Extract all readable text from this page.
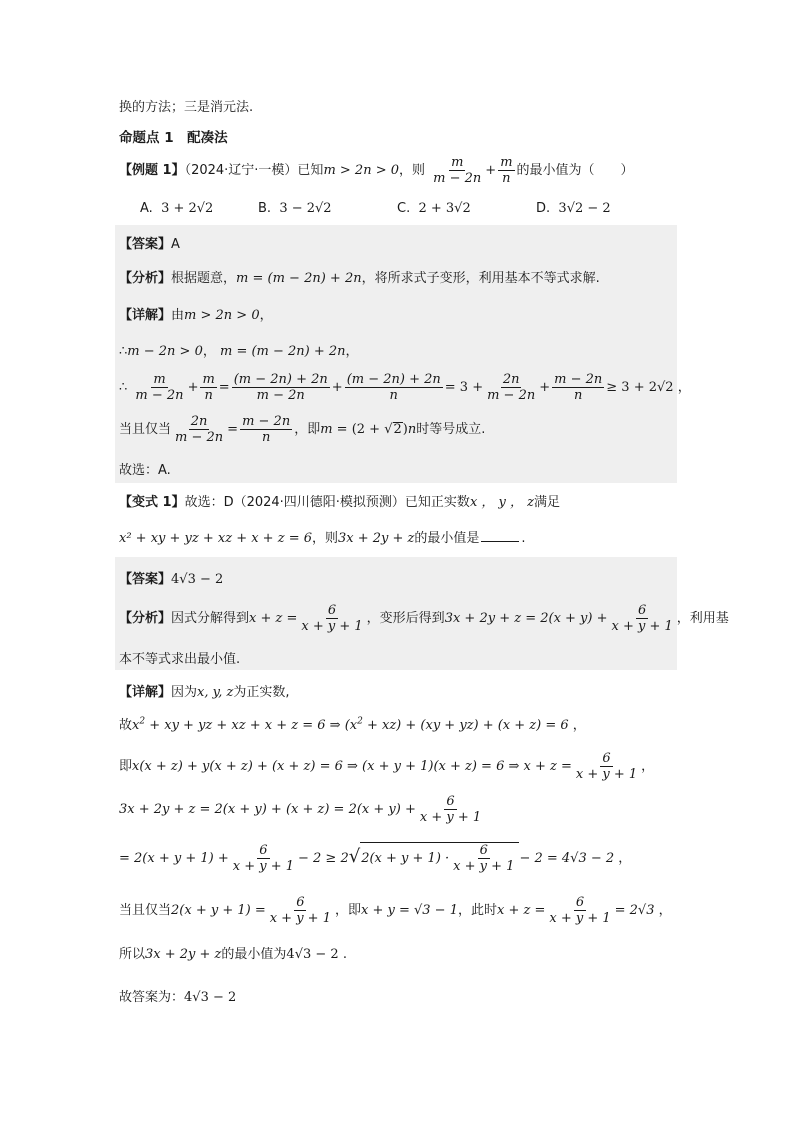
换的方法；三是消元法.
命题点 1　配凑法
【例题 1】（2024·辽宁·一模）已知m > 2n > 0，则 $\frac{m}{m - 2n} + \frac{m}{n}$ 的最小值为（　　）
A. 3 + 2√2	B. 3 − 2√2	C. 2 + 3√2	D. 3√2 − 2
【答案】A
【分析】根据题意，m = (m − 2n) + 2n，将所求式子变形，利用基本不等式求解.
【详解】由m > 2n > 0，
∴m − 2n > 0， m = (m − 2n) + 2n，
∴ $\frac{m}{m - 2n} + \frac{m}{n} = \frac{(m - 2n) + 2n}{m - 2n} + \frac{(m - 2n) + 2n}{n} = 3 + \frac{2n}{m - 2n} + \frac{m - 2n}{n} \ge 3 + 2√2$ ，
当且仅当 $\frac{2n}{m - 2n} = \frac{m - 2n}{n}$ ，即m = (2 + √2)n时等号成立.
故选：A.
【变式 1】故选：D（2024·四川德阳·模拟预测）已知正实数x ， y ， z满足
x² + xy + yz + xz + x + z = 6，则3x + 2y + z的最小值是	.
【答案】4√3 − 2
【分析】因式分解得到$x + z = \frac{6}{x + y + 1}$ ，变形后得到$3x + 2y + z = 2(x + y) + \frac{6}{x + y + 1}$ ，利用基
本不等式求出最小值.
【详解】因为x, y, z为正实数,
故$x^2$ + xy + yz + xz + x + z = 6 ⇒ $(x^2 + xz) + (xy + yz) + (x + z) = 6$ ，
即x(x + z) + y(x + z) + (x + z) = 6 ⇒ (x + y + 1)(x + z) = 6 ⇒ $x + z = \frac{6}{x + y + 1}$ ，
$3x + 2y + z = 2(x + y) + (x + z) = 2(x + y) + \frac{6}{x + y + 1}$
= $2(x + y + 1) + \frac{6}{x + y + 1} - 2 \ge 2√2(x + y + 1) \cdot \frac{6}{x + y + 1} - 2 = 4√3 - 2$ ，
当且仅当$2(x + y + 1) = \frac{6}{x + y + 1}$ ，即x + y = √3 − 1，此时$x + z = \frac{6}{x + y + 1} = 2√3$ ，
所以3x + 2y + z的最小值为4√3 − 2 .
故答案为：4√3 − 2
